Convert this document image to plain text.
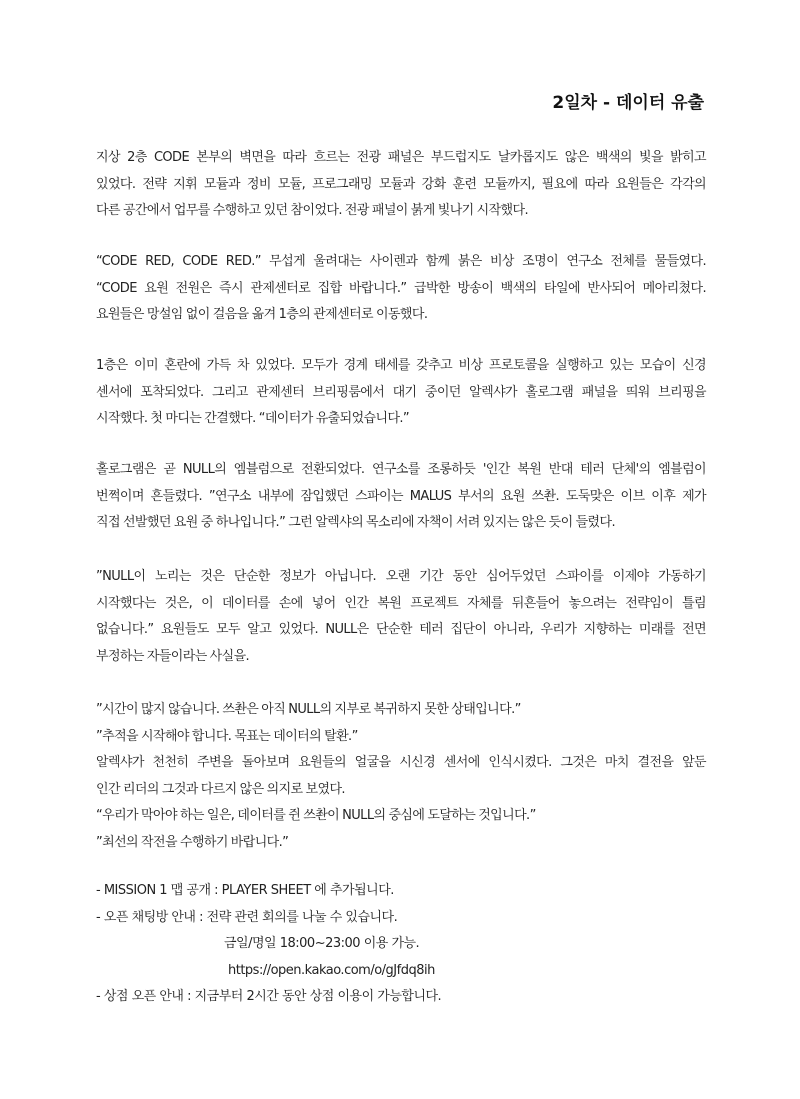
2일차 - 데이터 유출
지상 2층 CODE 본부의 벽면을 따라 흐르는 전광 패널은 부드럽지도 날카롭지도 않은 백색의 빛을 밝히고
있었다. 전략 지휘 모듈과 정비 모듈, 프로그래밍 모듈과 강화 훈련 모듈까지, 필요에 따라 요원들은 각각의
다른 공간에서 업무를 수행하고 있던 참이었다. 전광 패널이 붉게 빛나기 시작했다.
“CODE RED, CODE RED.” 무섭게 울려대는 사이렌과 함께 붉은 비상 조명이 연구소 전체를 물들였다.
“CODE 요원 전원은 즉시 관제센터로 집합 바랍니다.” 급박한 방송이 백색의 타일에 반사되어 메아리쳤다.
요원들은 망설임 없이 걸음을 옮겨 1층의 관제센터로 이동했다.
1층은 이미 혼란에 가득 차 있었다. 모두가 경계 태세를 갖추고 비상 프로토콜을 실행하고 있는 모습이 신경
센서에 포착되었다. 그리고 관제센터 브리핑룸에서 대기 중이던 알렉샤가 홀로그램 패널을 띄워 브리핑을
시작했다. 첫 마디는 간결했다. “데이터가 유출되었습니다.”
홀로그램은 곧 NULL의 엠블럼으로 전환되었다. 연구소를 조롱하듯 '인간 복원 반대 테러 단체'의 엠블럼이
번쩍이며 흔들렸다. ”연구소 내부에 잠입했던 스파이는 MALUS 부서의 요원 쓰촨. 도둑맞은 이브 이후 제가
직접 선발했던 요원 중 하나입니다.” 그런 알렉샤의 목소리에 자책이 서려 있지는 않은 듯이 들렸다.
”NULL이 노리는 것은 단순한 정보가 아닙니다. 오랜 기간 동안 심어두었던 스파이를 이제야 가동하기
시작했다는 것은, 이 데이터를 손에 넣어 인간 복원 프로젝트 자체를 뒤흔들어 놓으려는 전략임이 틀림
없습니다.” 요원들도 모두 알고 있었다. NULL은 단순한 테러 집단이 아니라, 우리가 지향하는 미래를 전면
부정하는 자들이라는 사실을.
”시간이 많지 않습니다. 쓰촨은 아직 NULL의 지부로 복귀하지 못한 상태입니다.”
”추적을 시작해야 합니다. 목표는 데이터의 탈환.”
알렉샤가 천천히 주변을 돌아보며 요원들의 얼굴을 시신경 센서에 인식시켰다. 그것은 마치 결전을 앞둔
인간 리더의 그것과 다르지 않은 의지로 보였다.
“우리가 막아야 하는 일은, 데이터를 쥔 쓰촨이 NULL의 중심에 도달하는 것입니다.”
”최선의 작전을 수행하기 바랍니다.”
- MISSION 1 맵 공개 : PLAYER SHEET 에 추가됩니다.
- 오픈 채팅방 안내 : 전략 관련 회의를 나눌 수 있습니다.
금일/명일 18:00~23:00 이용 가능.
https://open.kakao.com/o/gJfdq8ih
- 상점 오픈 안내 : 지금부터 2시간 동안 상점 이용이 가능합니다.
